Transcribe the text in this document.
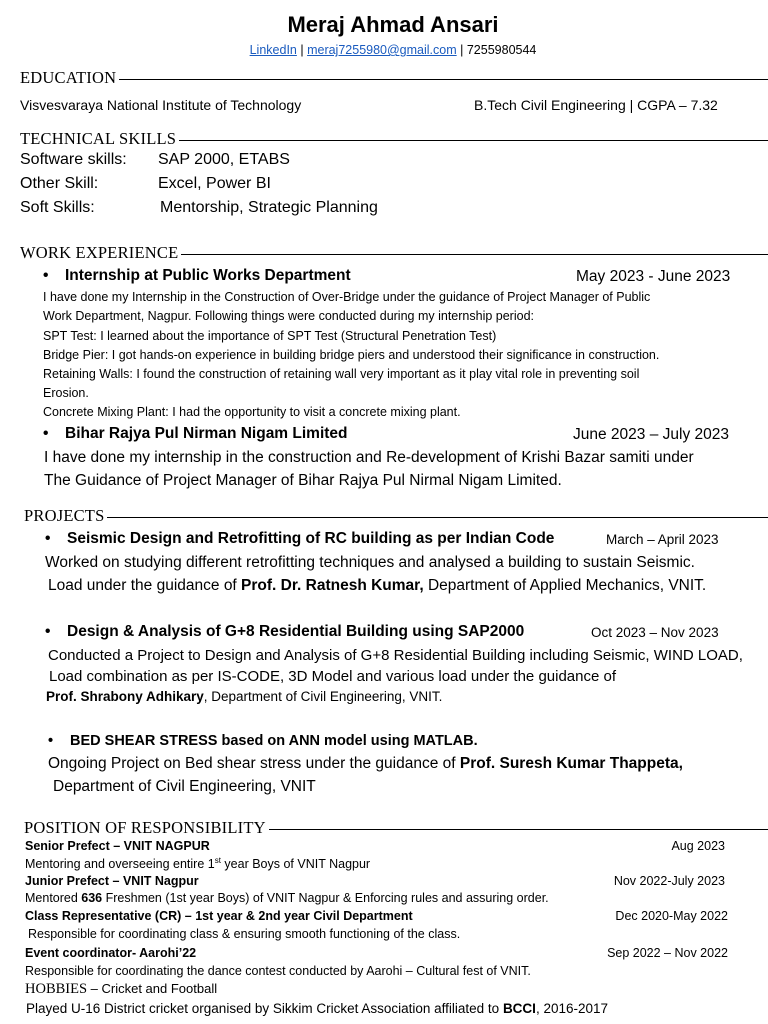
Meraj Ahmad Ansari
LinkedIn | meraj7255980@gmail.com | 7255980544
EDUCATION
Visvesvaraya National Institute of Technology	B.Tech Civil Engineering | CGPA – 7.32
TECHNICAL SKILLS
Software skills: SAP 2000, ETABS
Other Skill:	Excel, Power BI
Soft Skills:	Mentorship, Strategic Planning
WORK EXPERIENCE
• Internship at Public Works Department	May 2023 - June 2023
I have done my Internship in the Construction of Over-Bridge under the guidance of Project Manager of Public
Work Department, Nagpur. Following things were conducted during my internship period:
SPT Test: I learned about the importance of SPT Test (Structural Penetration Test)
Bridge Pier: I got hands-on experience in building bridge piers and understood their significance in construction.
Retaining Walls: I found the construction of retaining wall very important as it play vital role in preventing soil
Erosion.
Concrete Mixing Plant: I had the opportunity to visit a concrete mixing plant.
• Bihar Rajya Pul Nirman Nigam Limited	June 2023 – July 2023
I have done my internship in the construction and Re-development of Krishi Bazar samiti under
The Guidance of Project Manager of Bihar Rajya Pul Nirmal Nigam Limited.
PROJECTS
• Seismic Design and Retrofitting of RC building as per Indian Code	March – April 2023
Worked on studying different retrofitting techniques and analysed a building to sustain Seismic.
Load under the guidance of Prof. Dr. Ratnesh Kumar, Department of Applied Mechanics, VNIT.
• Design & Analysis of G+8 Residential Building using SAP2000	Oct 2023 – Nov 2023
Conducted a Project to Design and Analysis of G+8 Residential Building including Seismic, WIND LOAD,
Load combination as per IS-CODE, 3D Model and various load under the guidance of
Prof. Shrabony Adhikary, Department of Civil Engineering, VNIT.
• BED SHEAR STRESS based on ANN model using MATLAB.
Ongoing Project on Bed shear stress under the guidance of Prof. Suresh Kumar Thappeta,
Department of Civil Engineering, VNIT
POSITION OF RESPONSIBILITY
Senior Prefect – VNIT NAGPUR	Aug 2023
Mentoring and overseeing entire 1st year Boys of VNIT Nagpur
Junior Prefect – VNIT Nagpur	Nov 2022-July 2023
Mentored 636 Freshmen (1st year Boys) of VNIT Nagpur & Enforcing rules and assuring order.
Class Representative (CR) – 1st year & 2nd year Civil Department	Dec 2020-May 2022
Responsible for coordinating class & ensuring smooth functioning of the class.
Event coordinator- Aarohi’22	Sep 2022 – Nov 2022
Responsible for coordinating the dance contest conducted by Aarohi – Cultural fest of VNIT.
HOBBIES – Cricket and Football
Played U-16 District cricket organised by Sikkim Cricket Association affiliated to BCCI, 2016-2017
